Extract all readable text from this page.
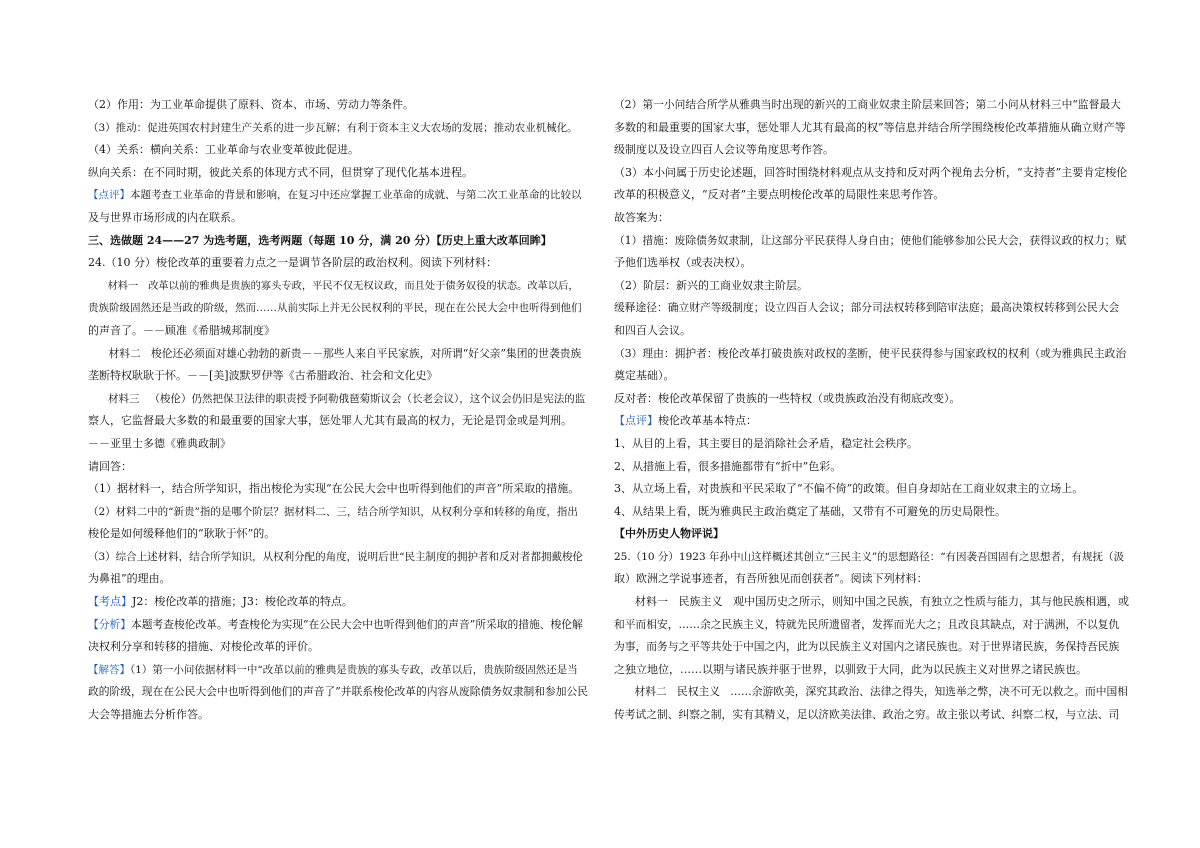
（2）作用：为工业革命提供了原料、资本、市场、劳动力等条件。
（3）推动：促进英国农村封建生产关系的进一步瓦解；有利于资本主义大农场的发展；推动农业机械化。
（4）关系：横向关系：工业革命与农业变革彼此促进。
纵向关系：在不同时期，彼此关系的体现方式不同，但贯穿了现代化基本进程。
【点评】本题考查工业革命的背景和影响，在复习中还应掌握工业革命的成就、与第二次工业革命的比较以
及与世界市场形成的内在联系。
三、选做题 24——27 为选考题，选考两题（每题 10 分，满 20 分）【历史上重大改革回眸】
24.（10 分）梭伦改革的重要着力点之一是调节各阶层的政治权利。阅读下列材料：
材料一   改革以前的雅典是贵族的寡头专政，平民不仅无权议政，而且处于债务奴役的状态。改革以后，
贵族阶级固然还是当政的阶级，然而……从前实际上并无公民权利的平民，现在在公民大会中也听得到他们
的声音了。－－顾准《希腊城邦制度》
材料二   梭伦还必须面对雄心勃勃的新贵－－那些人来自平民家族，对所谓“好父亲”集团的世袭贵族
垄断特权耿耿于怀。－－[美]波默罗伊等《古希腊政治、社会和文化史》
材料三   （梭伦）仍然把保卫法律的职责授予阿勒俄琶菊斯议会（长老会议），这个议会仍旧是宪法的监
察人，它监督最大多数的和最重要的国家大事，惩处罪人尤其有最高的权力，无论是罚金或是判刑。
－－亚里士多德《雅典政制》
请回答：
（1）据材料一，结合所学知识，指出梭伦为实现“在公民大会中也听得到他们的声音”所采取的措施。
（2）材料二中的“新贵”指的是哪个阶层？据材料二、三，结合所学知识，从权利分享和转移的角度，指出
梭伦是如何缓释他们的“耿耿于怀”的。
（3）综合上述材料，结合所学知识，从权利分配的角度，说明后世“民主制度的拥护者和反对者都拥戴梭伦
为鼻祖”的理由。
【考点】J2：梭伦改革的措施；J3：梭伦改革的特点。
【分析】本题考查梭伦改革。考查梭伦为实现“在公民大会中也听得到他们的声音”所采取的措施、梭伦解
决权利分享和转移的措施、对梭伦改革的评价。
【解答】（1）第一小问依据材料一中“改革以前的雅典是贵族的寡头专政，改革以后，贵族阶级固然还是当
政的阶级，现在在公民大会中也听得到他们的声音了”并联系梭伦改革的内容从废除债务奴隶制和参加公民
大会等措施去分析作答。
（2）第一小问结合所学从雅典当时出现的新兴的工商业奴隶主阶层来回答；第二小问从材料三中“监督最大
多数的和最重要的国家大事，惩处罪人尤其有最高的权”等信息并结合所学围绕梭伦改革措施从确立财产等
级制度以及设立四百人会议等角度思考作答。
（3）本小问属于历史论述题，回答时围绕材料观点从支持和反对两个视角去分析，“支持者”主要肯定梭伦
改革的积极意义，“反对者”主要点明梭伦改革的局限性来思考作答。
故答案为：
（1）措施：废除债务奴隶制，让这部分平民获得人身自由；使他们能够参加公民大会，获得议政的权力；赋
予他们选举权（或表决权）。
（2）阶层：新兴的工商业奴隶主阶层。
缓释途径：确立财产等级制度；设立四百人会议；部分司法权转移到陪审法庭；最高决策权转移到公民大会
和四百人会议。
（3）理由：拥护者：梭伦改革打破贵族对政权的垄断，使平民获得参与国家政权的权利（或为雅典民主政治
奠定基础）。
反对者：梭伦改革保留了贵族的一些特权（或贵族政治没有彻底改变）。
【点评】梭伦改革基本特点：
1、从目的上看，其主要目的是消除社会矛盾，稳定社会秩序。
2、从措施上看，很多措施都带有“折中”色彩。
3、从立场上看，对贵族和平民采取了“不偏不倚”的政策。但自身却站在工商业奴隶主的立场上。
4、从结果上看，既为雅典民主政治奠定了基础，又带有不可避免的历史局限性。
【中外历史人物评说】
25.（10 分）1923 年孙中山这样概述其创立“三民主义”的思想路径：“有因袭吾国固有之思想者，有规抚（汲
取）欧洲之学说事迹者，有吾所独见而创获者”。阅读下列材料：
材料一   民族主义   观中国历史之所示，则知中国之民族，有独立之性质与能力，其与他民族相遇，或
和平而相安，……余之民族主义，特就先民所遗留者，发挥而光大之；且改良其缺点，对于满洲，不以复仇
为事，而务与之平等共处于中国之内，此为以民族主义对国内之诸民族也。对于世界诸民族，务保持吾民族
之独立地位，……以期与诸民族并驱于世界，以驯致于大同，此为以民族主义对世界之诸民族也。
材料二   民权主义   ……余游欧美，深究其政治、法律之得失，知选举之弊，决不可无以救之。而中国相
传考试之制、纠察之制，实有其精义，足以济欧美法律、政治之穷。故主张以考试、纠察二权，与立法、司
